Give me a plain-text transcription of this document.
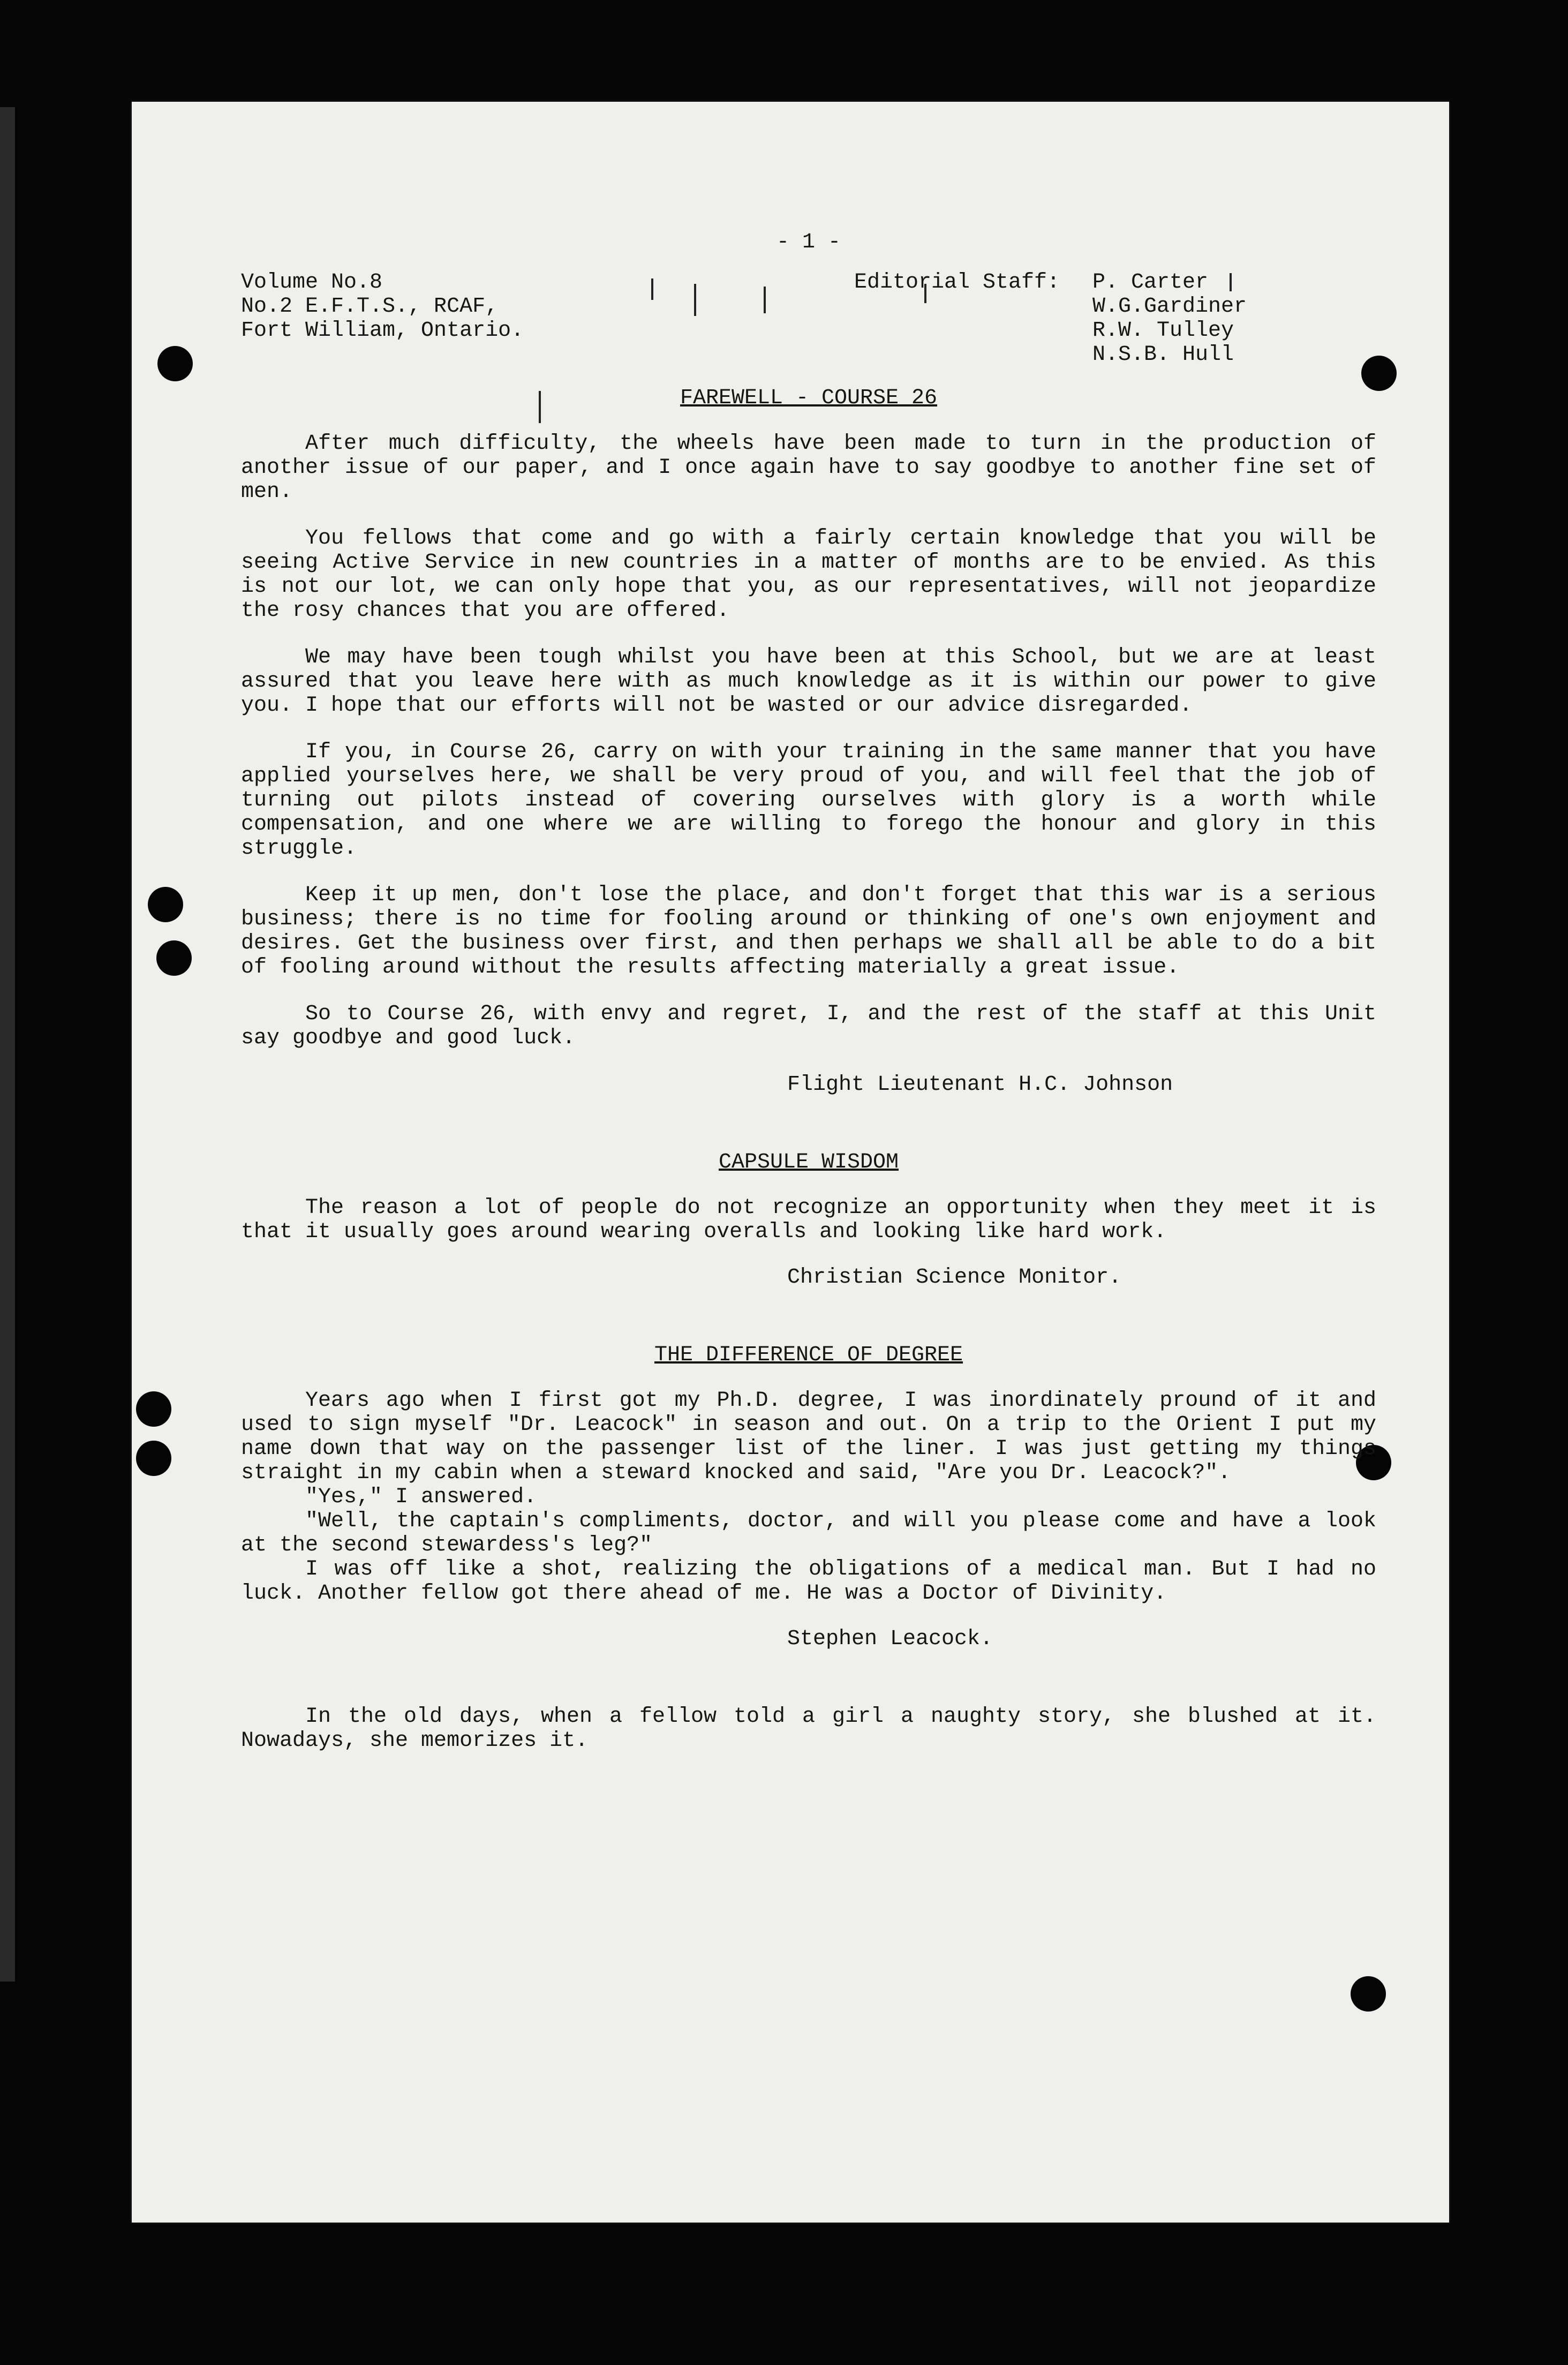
- 1 -
Volume No.8
No.2 E.F.T.S., RCAF,
Fort William, Ontario.
Editorial Staff: P. Carter
W.G.Gardiner
R.W. Tulley
N.S.B. Hull
FAREWELL - COURSE 26

After much difficulty, the wheels have been made to turn in the production of another issue of our paper, and I once again have to say goodbye to another fine set of men.

You fellows that come and go with a fairly certain knowledge that you will be seeing Active Service in new countries in a matter of months are to be envied. As this is not our lot, we can only hope that you, as our representatives, will not jeopardize the rosy chances that you are offered.

We may have been tough whilst you have been at this School, but we are at least assured that you leave here with as much knowledge as it is within our power to give you. I hope that our efforts will not be wasted or our advice disregarded.

If you, in Course 26, carry on with your training in the same manner that you have applied yourselves here, we shall be very proud of you, and will feel that the job of turning out pilots instead of covering ourselves with glory is a worth while compensation, and one where we are willing to forego the honour and glory in this struggle.

Keep it up men, don't lose the place, and don't forget that this war is a serious business; there is no time for fooling around or thinking of one's own enjoyment and desires. Get the business over first, and then perhaps we shall all be able to do a bit of fooling around without the results affecting materially a great issue.

So to Course 26, with envy and regret, I, and the rest of the staff at this Unit say goodbye and good luck.

Flight Lieutenant H.C. Johnson
CAPSULE WISDOM

The reason a lot of people do not recognize an opportunity when they meet it is that it usually goes around wearing overalls and looking like hard work.

Christian Science Monitor.
THE DIFFERENCE OF DEGREE

Years ago when I first got my Ph.D. degree, I was inordinately pround of it and used to sign myself "Dr. Leacock" in season and out. On a trip to the Orient I put my name down that way on the passenger list of the liner. I was just getting my things straight in my cabin when a steward knocked and said, "Are you Dr. Leacock?".

"Yes," I answered.

"Well, the captain's compliments, doctor, and will you please come and have a look at the second stewardess's leg?"

I was off like a shot, realizing the obligations of a medical man. But I had no luck. Another fellow got there ahead of me. He was a Doctor of Divinity.

Stephen Leacock.

In the old days, when a fellow told a girl a naughty story, she blushed at it. Nowadays, she memorizes it.
